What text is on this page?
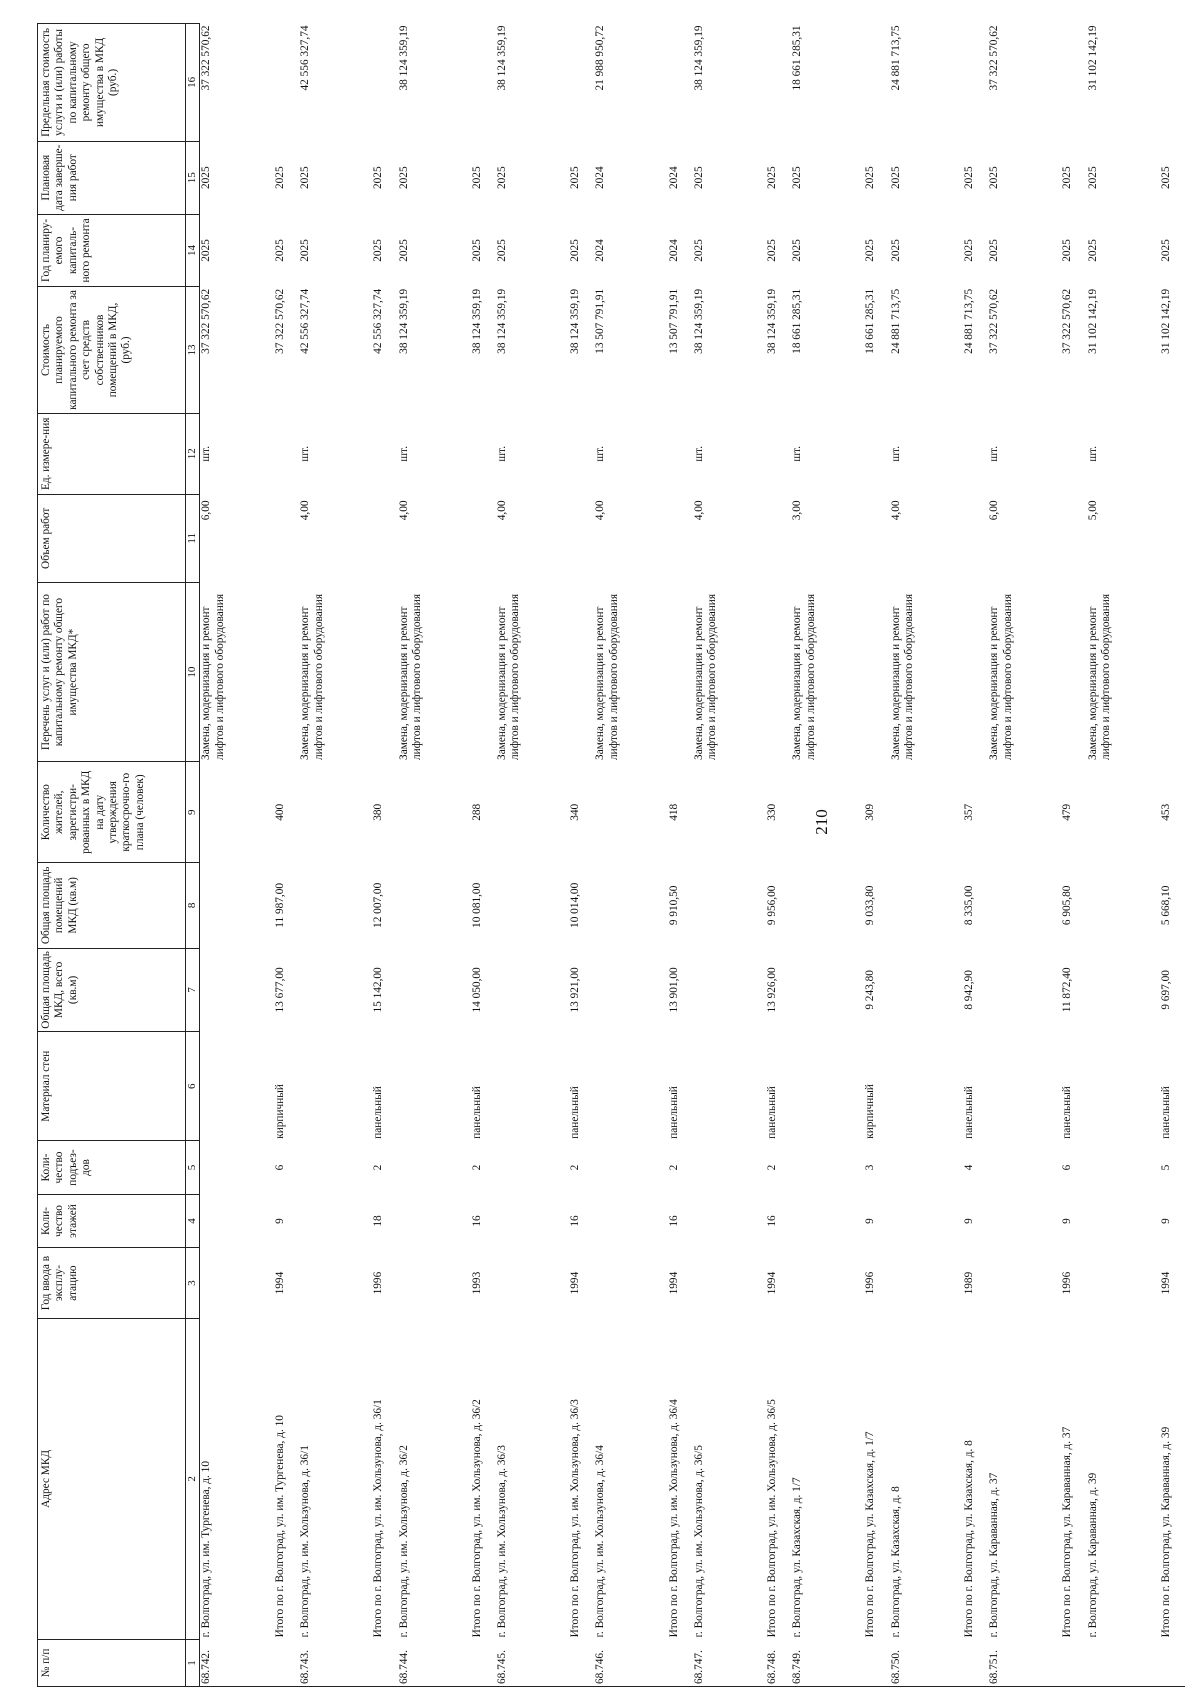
210
№ п/п	Адрес МКД	Год ввода в эксплу-атацию	Коли-чество этажей	Коли-чество подъез-дов	Материал стен	Общая площадь МКД, всего (кв.м)	Общая площадь помещений МКД (кв.м)	Количество жителей, зарегистри-рованных в МКД на дату утверждения краткосрочно-го плана (человек)	Перечень услуг и (или) работ по капитальному ремонту общего имущества МКД*	Объем работ	Ед. измере-ния	Стоимость планируемого капитального ремонта за счет средств собственников помещений в МКД, (руб.)	Год планиру-емого капиталь-ного ремонта	Плановая дата заверше-ния работ	Предельная стоимость услуги и (или) работы по капитальному ремонту общего имущества в МКД (руб.)
1	2	3	4	5	6	7	8	9	10	11	12	13	14	15	16
68.742.	г. Волгоград, ул. им. Тургенева, д. 10								Замена, модернизация и ремонт лифтов и лифтового оборудования	6,00	шт.	37 322 570,62	2025	2025	37 322 570,62

	Итого по г. Волгоград, ул. им. Тургенева, д. 10	1994	9	6	кирпичный	13 677,00	11 987,00	400				37 322 570,62	2025	2025	
68.743.	г. Волгоград, ул. им. Хользунова, д. 36/1								Замена, модернизация и ремонт лифтов и лифтового оборудования	4,00	шт.	42 556 327,74	2025	2025	42 556 327,74

	Итого по г. Волгоград, ул. им. Хользунова, д. 36/1	1996	18	2	панельный	15 142,00	12 007,00	380				42 556 327,74	2025	2025	
68.744.	г. Волгоград, ул. им. Хользунова, д. 36/2								Замена, модернизация и ремонт лифтов и лифтового оборудования	4,00	шт.	38 124 359,19	2025	2025	38 124 359,19

	Итого по г. Волгоград, ул. им. Хользунова, д. 36/2	1993	16	2	панельный	14 050,00	10 081,00	288				38 124 359,19	2025	2025	
68.745.	г. Волгоград, ул. им. Хользунова, д. 36/3								Замена, модернизация и ремонт лифтов и лифтового оборудования	4,00	шт.	38 124 359,19	2025	2025	38 124 359,19

	Итого по г. Волгоград, ул. им. Хользунова, д. 36/3	1994	16	2	панельный	13 921,00	10 014,00	340				38 124 359,19	2025	2025	
68.746.	г. Волгоград, ул. им. Хользунова, д. 36/4								Замена, модернизация и ремонт лифтов и лифтового оборудования	4,00	шт.	13 507 791,91	2024	2024	21 988 950,72

	Итого по г. Волгоград, ул. им. Хользунова, д. 36/4	1994	16	2	панельный	13 901,00	9 910,50	418				13 507 791,91	2024	2024	
68.747.	г. Волгоград, ул. им. Хользунова, д. 36/5								Замена, модернизация и ремонт лифтов и лифтового оборудования	4,00	шт.	38 124 359,19	2025	2025	38 124 359,19

68.748.	Итого по г. Волгоград, ул. им. Хользунова, д. 36/5	1994	16	2	панельный	13 926,00	9 956,00	330				38 124 359,19	2025	2025	
68.749.	г. Волгоград, ул. Казахская, д. 1/7								Замена, модернизация и ремонт лифтов и лифтового оборудования	3,00	шт.	18 661 285,31	2025	2025	18 661 285,31

	Итого по г. Волгоград, ул. Казахская, д. 1/7	1996	9	3	кирпичный	9 243,80	9 033,80	309				18 661 285,31	2025	2025	
68.750.	г. Волгоград, ул. Казахская, д. 8								Замена, модернизация и ремонт лифтов и лифтового оборудования	4,00	шт.	24 881 713,75	2025	2025	24 881 713,75

	Итого по г. Волгоград, ул. Казахская, д. 8	1989	9	4	панельный	8 942,90	8 335,00	357				24 881 713,75	2025	2025	
68.751.	г. Волгоград, ул. Караванная, д. 37								Замена, модернизация и ремонт лифтов и лифтового оборудования	6,00	шт.	37 322 570,62	2025	2025	37 322 570,62

	Итого по г. Волгоград, ул. Караванная, д. 37	1996	9	6	панельный	11 872,40	6 905,80	479				37 322 570,62	2025	2025	
	г. Волгоград, ул. Караванная, д. 39								Замена, модернизация и ремонт лифтов и лифтового оборудования	5,00	шт.	31 102 142,19	2025	2025	31 102 142,19

	Итого по г. Волгоград, ул. Караванная, д. 39	1994	9	5	панельный	9 697,00	5 668,10	453				31 102 142,19	2025	2025	
